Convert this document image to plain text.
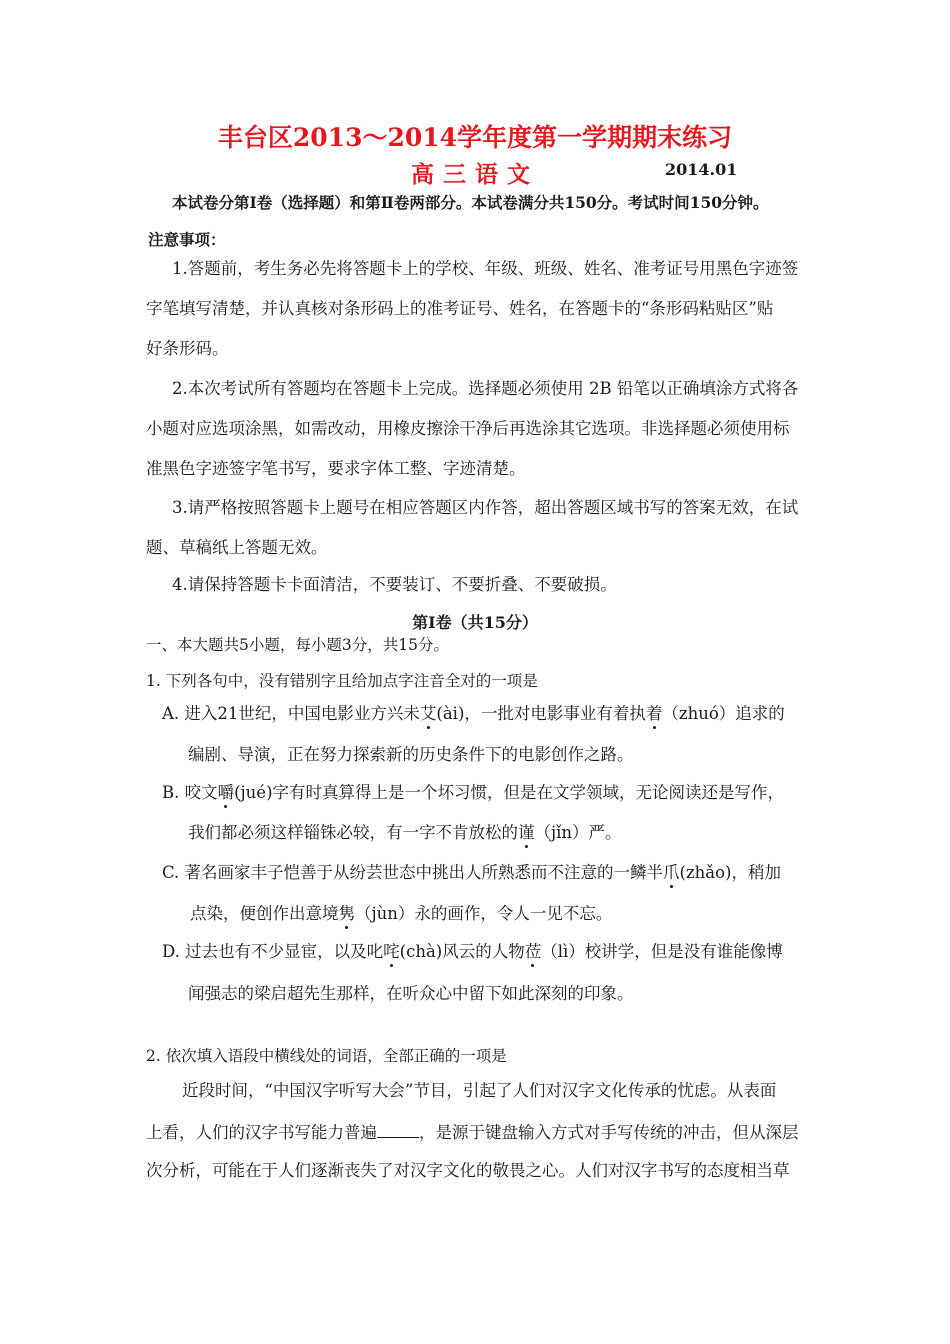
丰台区2013～2014学年度第一学期期末练习
高三语文	2014.01
本试卷分第Ⅰ卷（选择题）和第Ⅱ卷两部分。本试卷满分共150分。考试时间150分钟。
注意事项：
1.答题前，考生务必先将答题卡上的学校、年级、班级、姓名、准考证号用黑色字迹签
字笔填写清楚，并认真核对条形码上的准考证号、姓名，在答题卡的“条形码粘贴区”贴
好条形码。
2.本次考试所有答题均在答题卡上完成。选择题必须使用 2B 铅笔以正确填涂方式将各
小题对应选项涂黑，如需改动，用橡皮擦涂干净后再选涂其它选项。非选择题必须使用标
准黑色字迹签字笔书写，要求字体工整、字迹清楚。
3.请严格按照答题卡上题号在相应答题区内作答，超出答题区域书写的答案无效，在试
题、草稿纸上答题无效。
4.请保持答题卡卡面清洁，不要装订、不要折叠、不要破损。
第Ⅰ卷（共15分）
一、本大题共5小题，每小题3分，共15分。
1. 下列各句中，没有错别字且给加点字注音全对的一项是
A. 进入21世纪，中国电影业方兴未艾(ài)，一批对电影事业有着执着（zhuó）追求的
编剧、导演，正在努力探索新的历史条件下的电影创作之路。
B. 咬文嚼(jué)字有时真算得上是一个坏习惯，但是在文学领域，无论阅读还是写作，
我们都必须这样锱铢必较，有一字不肯放松的谨（jǐn）严。
C. 著名画家丰子恺善于从纷芸世态中挑出人所熟悉而不注意的一鳞半爪(zhǎo)，稍加
点染，便创作出意境隽（jùn）永的画作，令人一见不忘。
D. 过去也有不少显宦，以及叱咤(chà)风云的人物莅（lì）校讲学，但是没有谁能像博
闻强志的梁启超先生那样，在听众心中留下如此深刻的印象。
2. 依次填入语段中横线处的词语，全部正确的一项是
近段时间，“中国汉字听写大会”节目，引起了人们对汉字文化传承的忧虑。从表面
上看，人们的汉字书写能力普遍	，是源于键盘输入方式对手写传统的冲击，但从深层
次分析，可能在于人们逐渐丧失了对汉字文化的敬畏之心。人们对汉字书写的态度相当草
